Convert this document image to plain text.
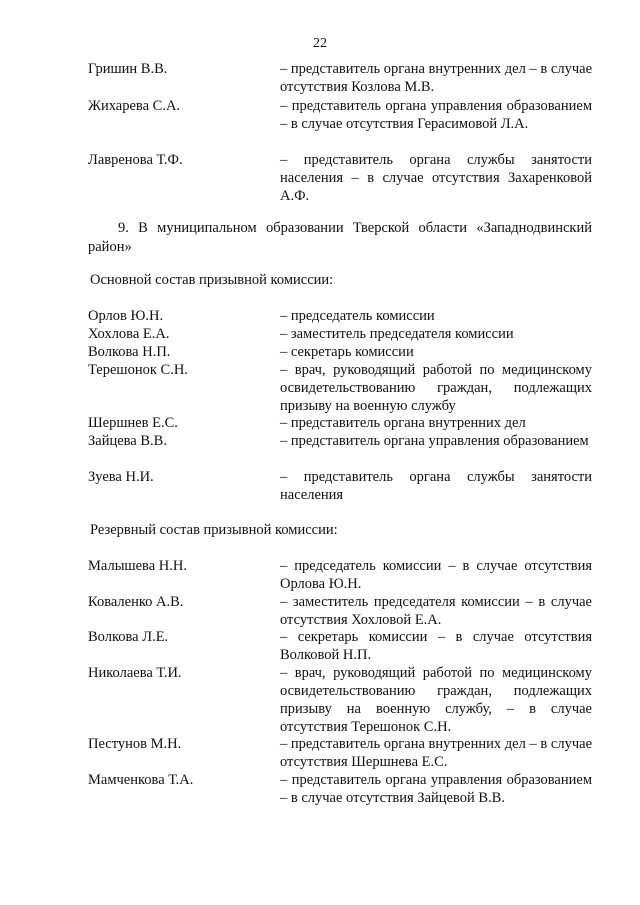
22
Гришин В.В.	– представитель органа внутренних дел – в случае отсутствия Козлова М.В.
Жихарева С.А.	– представитель органа управления образованием – в случае отсутствия Герасимовой Л.А.
Лавренова Т.Ф.	– представитель органа службы занятости населения – в случае отсутствия Захаренковой А.Ф.
9. В муниципальном образовании Тверской области «Западнодвинский район»
Основной состав призывной комиссии:
Орлов Ю.Н.	– председатель комиссии
Хохлова Е.А.	– заместитель председателя комиссии
Волкова Н.П.	– секретарь комиссии
Терешонок С.Н.	– врач, руководящий работой по медицинскому освидетельствованию граждан, подлежащих призыву на военную службу
Шершнев Е.С.	– представитель органа внутренних дел
Зайцева В.В.	– представитель органа управления образованием
Зуева Н.И.	– представитель органа службы занятости населения
Резервный состав призывной комиссии:
Малышева Н.Н.	– председатель комиссии – в случае отсутствия Орлова Ю.Н.
Коваленко А.В.	– заместитель председателя комиссии – в случае отсутствия Хохловой Е.А.
Волкова Л.Е.	– секретарь комиссии – в случае отсутствия Волковой Н.П.
Николаева Т.И.	– врач, руководящий работой по медицинскому освидетельствованию граждан, подлежащих призыву на военную службу, – в случае отсутствия Терешонок С.Н.
Пестунов М.Н.	– представитель органа внутренних дел – в случае отсутствия Шершнева Е.С.
Мамченкова Т.А.	– представитель органа управления образованием – в случае отсутствия Зайцевой В.В.
